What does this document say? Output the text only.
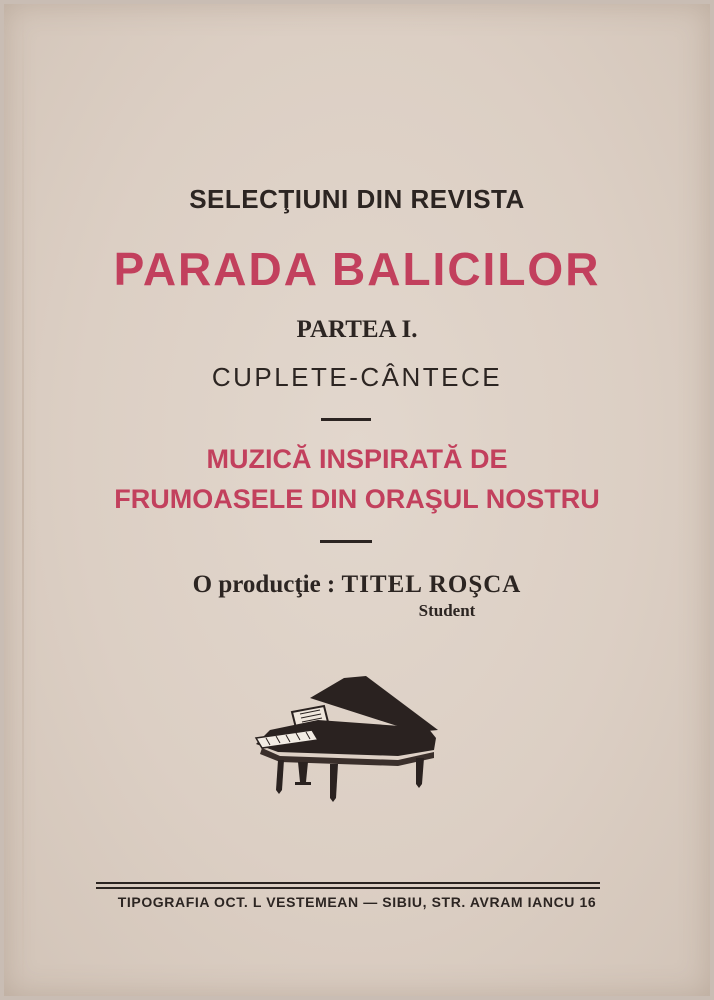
SELECŢIUNI DIN REVISTA
PARADA BALICILOR
PARTEA I.
CUPLETE-CÂNTECE
MUZICĂ INSPIRATĂ DE
FRUMOASELE DIN ORAŞUL NOSTRU
O producţie : TITEL ROŞCA
Student
TIPOGRAFIA OCT. L VESTEMEAN — SIBIU, STR. AVRAM IANCU 16
